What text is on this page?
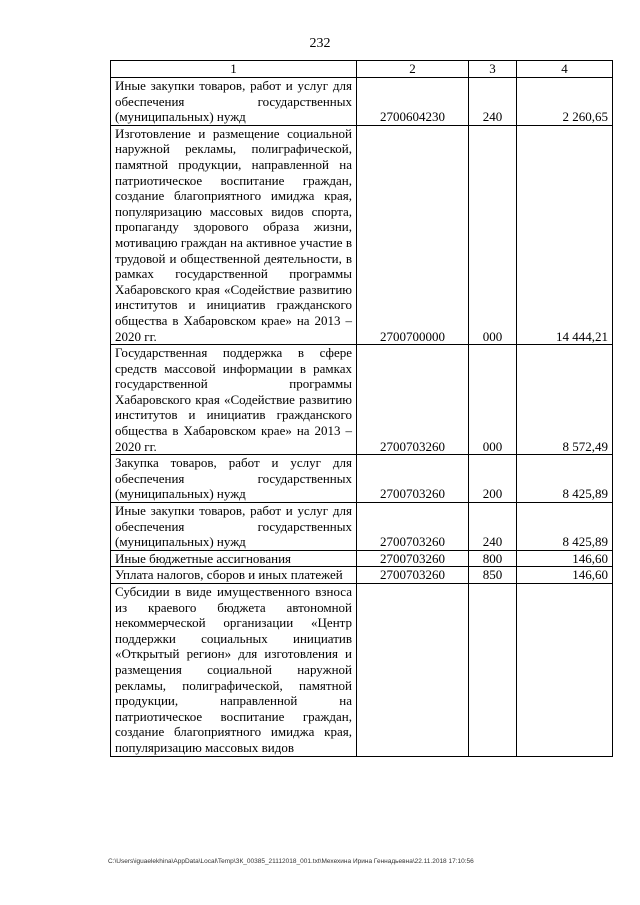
232
1	2	3	4
Иные закупки товаров, работ и услуг для обеспечения государственных (муниципальных) нужд	2700604230	240	2 260,65
Изготовление и размещение социальной наружной рекламы, полиграфической, памятной продукции, направленной на патриотическое воспитание граждан, создание благоприятного имиджа края, популяризацию массовых видов спорта, пропаганду здорового образа жизни, мотивацию граждан на активное участие в трудовой и общественной деятельности, в рамках государственной программы Хабаровского края «Содействие развитию институтов и инициатив гражданского общества в Хабаровском крае» на 2013 – 2020 гг.	2700700000	000	14 444,21
Государственная поддержка в сфере средств массовой информации в рамках государственной программы Хабаровского края «Содействие развитию институтов и инициатив гражданского общества в Хабаровском крае» на 2013 – 2020 гг.	2700703260	000	8 572,49
Закупка товаров, работ и услуг для обеспечения государственных (муниципальных) нужд	2700703260	200	8 425,89
Иные закупки товаров, работ и услуг для обеспечения государственных (муниципальных) нужд	2700703260	240	8 425,89
Иные бюджетные ассигнования	2700703260	800	146,60
Уплата налогов, сборов и иных платежей	2700703260	850	146,60
Субсидии в виде имущественного взноса из краевого бюджета автономной некоммерческой организации «Центр поддержки социальных инициатив «Открытый регион» для изготовления и размещения социальной наружной рекламы, полиграфической, памятной продукции, направленной на патриотическое воспитание граждан, создание благоприятного имиджа края, популяризацию массовых видов			
C:\Users\iguaelekhina\AppData\Local\Temp\ЗК_00385_21112018_001.txt\Мехехина Ирина Геннадьевна\22.11.2018 17:10:56
